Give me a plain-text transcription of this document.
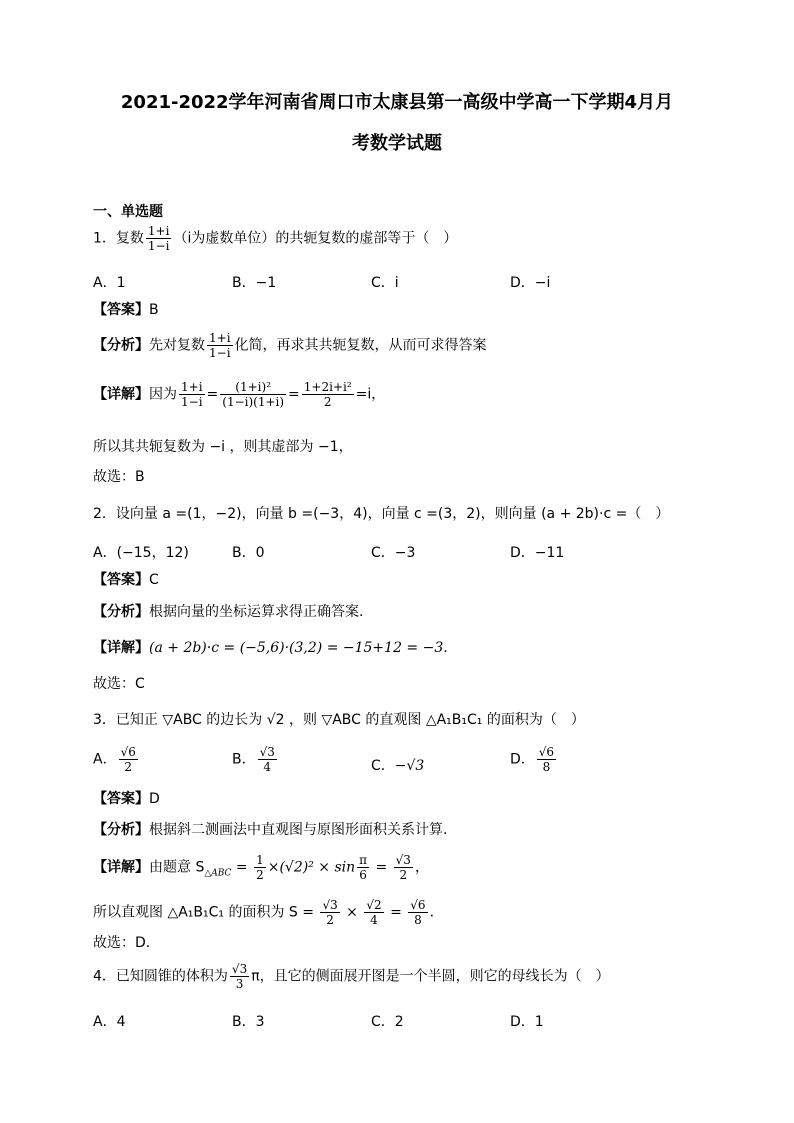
2021-2022学年河南省周口市太康县第一高级中学高一下学期4月月
考数学试题
一、单选题
1．复数 $\frac{1+i}{1-i} (i$为虚数单位）的共轭复数的虚部等于（　）
A．1	B．−1	C．i	D．−i
【答案】B
【分析】先对复数 $\frac{1+i}{1-i}$ 化简，再求其共轭复数，从而可求得答案
【详解】因为 $\frac{1+i}{1-i} = \frac{\text{(1+i)²}}{(1-i)(1+i)} = \frac{\text{1+2i+i²}}{2} =i$，
所以其共轭复数为 −i ，则其虚部为 −1，
故选：B
2．设向量 a =(1，−2)，向量 b =(−3，4)，向量 c =(3，2)，则向量 (a + 2b)·c =（　）
A．(−15，12)	B．0	C．−3	D．−11
【答案】C
【分析】根据向量的坐标运算求得正确答案.
【详解】(a + 2b)·c = (−5,6)·(3,2) = −15+12 = −3.
故选：C
3．已知正 ▽ABC 的边长为 √2 ，则 ▽ABC 的直观图 △A₁B₁C₁ 的面积为（　）
A． $\frac{√6}{2}$	B． $\frac{√3}{4}$	C．−√3	D． $\frac{√6}{8}$
【答案】D
【分析】根据斜二测画法中直观图与原图形面积关系计算.
【详解】由题意 $S_{\triangle ABC} = \frac{1}{2} \times(√2)^2 \times \sin \frac{\pi}{6} = \frac{√3}{2}$ ，
所以直观图 △A₁B₁C₁ 的面积为 $S = \frac{√3}{2} \times \frac{√2}{4} = \frac{√6}{8}$ ．
故选：D．
4．已知圆锥的体积为 $\frac{√3}{3}$ π，且它的侧面展开图是一个半圆，则它的母线长为（　）
A．4	B．3	C．2	D．1
